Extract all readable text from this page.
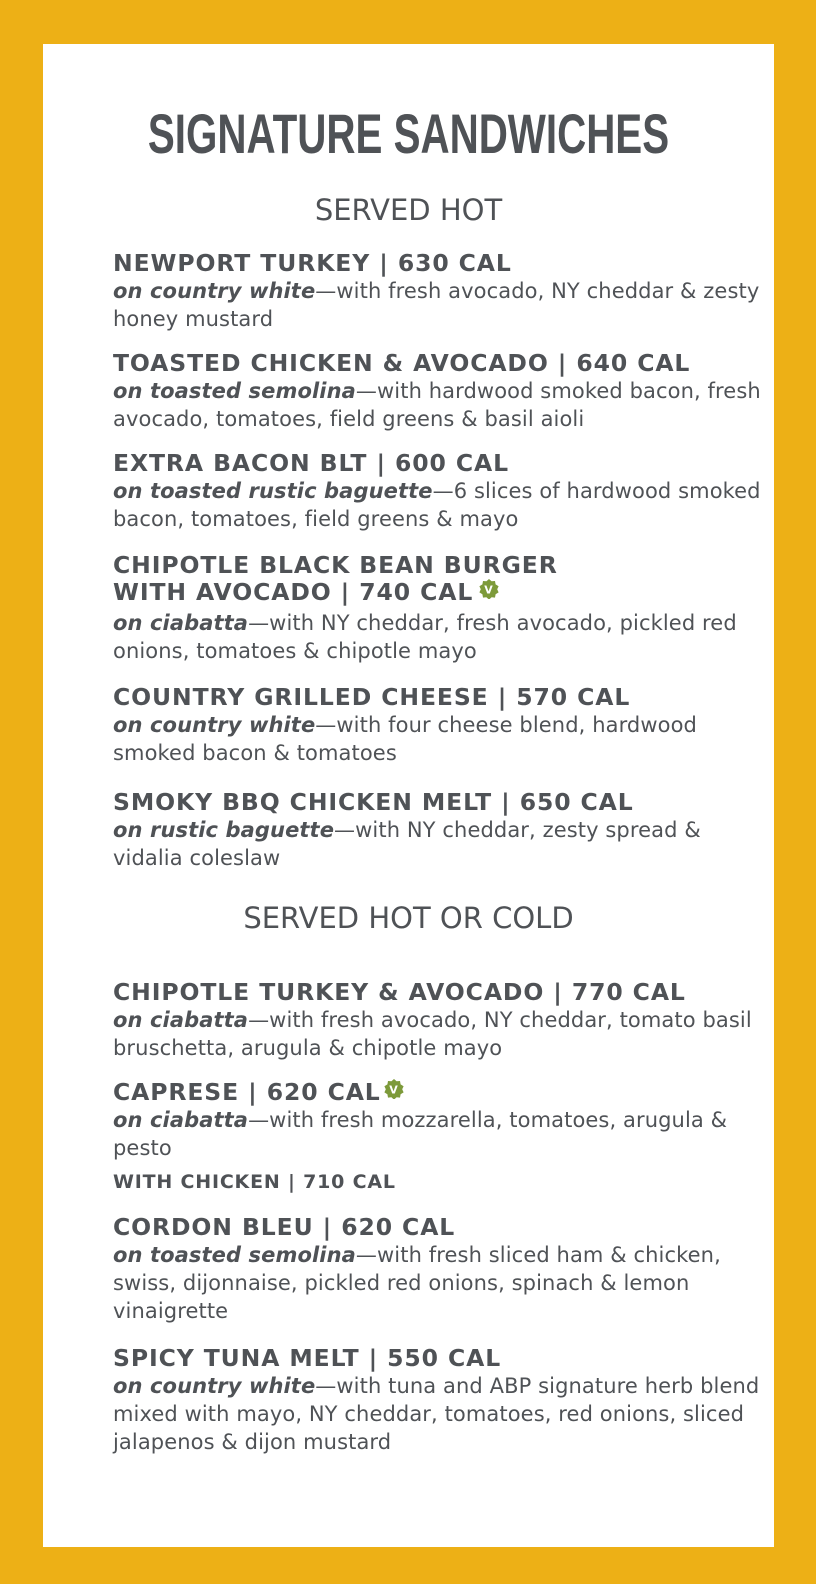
SIGNATURE SANDWICHES
SERVED HOT

NEWPORT TURKEY | 630 CAL

on country white—with fresh avocado, NY cheddar & zesty honey mustard

TOASTED CHICKEN & AVOCADO | 640 CAL

on toasted semolina—with hardwood smoked bacon, fresh avocado, tomatoes, field greens & basil aioli

EXTRA BACON BLT | 600 CAL

on toasted rustic baguette—6 slices of hardwood smoked bacon, tomatoes, field greens & mayo

CHIPOTLE BLACK BEAN BURGER

WITH AVOCADO | 740 CAL V

on ciabatta—with NY cheddar, fresh avocado, pickled red onions, tomatoes & chipotle mayo

COUNTRY GRILLED CHEESE | 570 CAL

on country white—with four cheese blend, hardwood smoked bacon & tomatoes

SMOKY BBQ CHICKEN MELT | 650 CAL

on rustic baguette—with NY cheddar, zesty spread & vidalia coleslaw

SERVED HOT OR COLD

CHIPOTLE TURKEY & AVOCADO | 770 CAL

on ciabatta—with fresh avocado, NY cheddar, tomato basil bruschetta, arugula & chipotle mayo

CAPRESE | 620 CAL V

on ciabatta—with fresh mozzarella, tomatoes, arugula & pesto

WITH CHICKEN | 710 CAL

CORDON BLEU | 620 CAL

on toasted semolina—with fresh sliced ham & chicken, swiss, dijonnaise, pickled red onions, spinach & lemon vinaigrette

SPICY TUNA MELT | 550 CAL

on country white—with tuna and ABP signature herb blend mixed with mayo, NY cheddar, tomatoes, red onions, sliced jalapenos & dijon mustard
